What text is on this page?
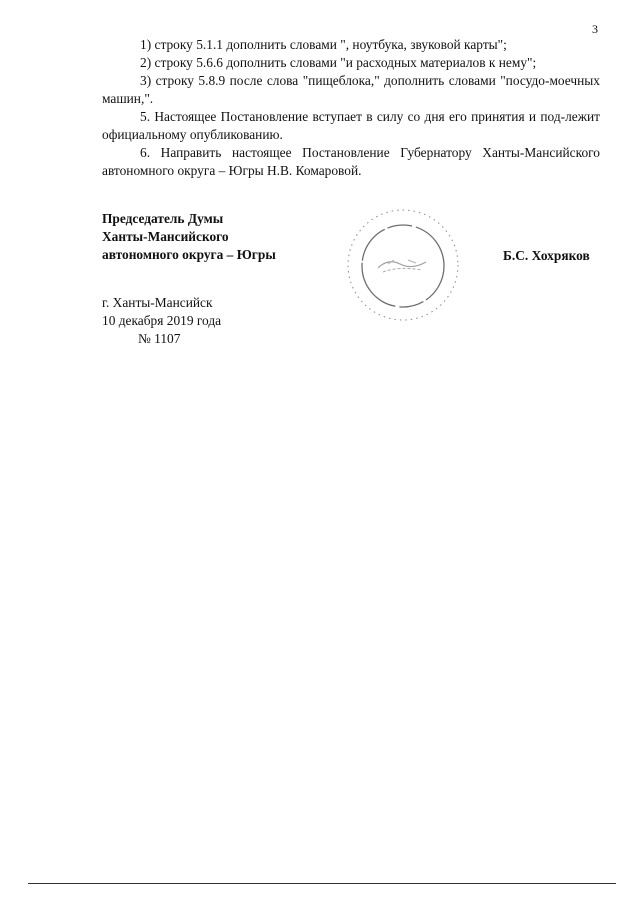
3

1) строку 5.1.1 дополнить словами ", ноутбука, звуковой карты";

2) строку 5.6.6 дополнить словами "и расходных материалов к нему";

3) строку 5.8.9 после слова "пищеблока," дополнить словами "посудо-моечных машин,".

5. Настоящее Постановление вступает в силу со дня его принятия и под-лежит официальному опубликованию.

6. Направить настоящее Постановление Губернатору Ханты-Мансийского автономного округа – Югры Н.В. Комаровой.

Председатель Думы
Ханты-Мансийского
автономного округа – Югры	Б.С. Хохряков
г. Ханты-Мансийск
10 декабря 2019 года
№ 1107
